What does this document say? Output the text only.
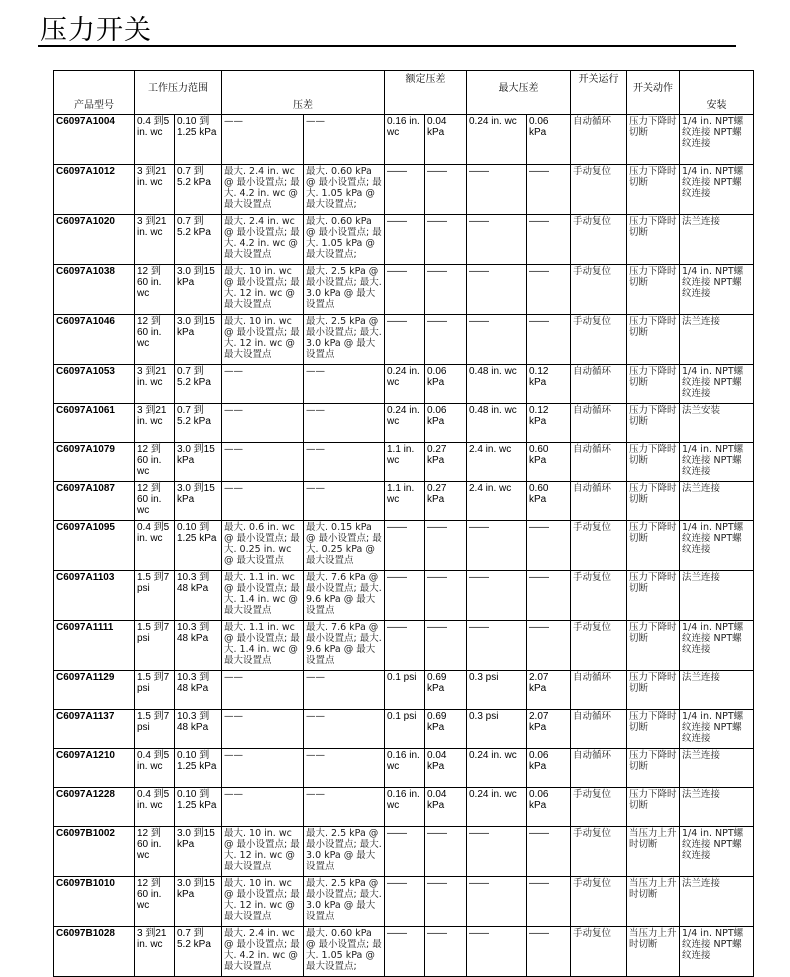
压力开关
产品型号	工作压力范围		压差		额定压差		最大压差		开关运行	开关动作	安装

C6097A1004	0.4 到5 in. wc	0.10 到 1.25 kPa	——	——	0.16 in. wc	0.04 kPa	0.24 in. wc	0.06 kPa	自动循环	压力下降时切断	1/4 in. NPT螺纹连接 NPT螺纹连接
C6097A1012	3 到21 in. wc	0.7 到 5.2 kPa	最大. 2.4 in. wc @ 最小设置点; 最大. 4.2 in. wc @ 最大设置点	最大. 0.60 kPa @ 最小设置点; 最大. 1.05 kPa @ 最大设置点;	——	——	——	——	手动复位	压力下降时切断	1/4 in. NPT螺纹连接 NPT螺纹连接
C6097A1020	3 到21 in. wc	0.7 到 5.2 kPa	最大. 2.4 in. wc @ 最小设置点; 最大. 4.2 in. wc @ 最大设置点	最大. 0.60 kPa @ 最小设置点; 最大. 1.05 kPa @ 最大设置点;	——	——	——	——	手动复位	压力下降时切断	法兰连接
C6097A1038	12 到60 in. wc	3.0 到15 kPa	最大. 10 in. wc @ 最小设置点; 最大. 12 in. wc @ 最大设置点	最大. 2.5 kPa @ 最小设置点; 最大. 3.0 kPa @ 最大设置点	——	——	——	——	手动复位	压力下降时切断	1/4 in. NPT螺纹连接 NPT螺纹连接
C6097A1046	12 到60 in. wc	3.0 到15 kPa	最大. 10 in. wc @ 最小设置点; 最大. 12 in. wc @ 最大设置点	最大. 2.5 kPa @ 最小设置点; 最大. 3.0 kPa @ 最大设置点	——	——	——	——	手动复位	压力下降时切断	法兰连接
C6097A1053	3 到21 in. wc	0.7 到 5.2 kPa	——	——	0.24 in. wc	0.06 kPa	0.48 in. wc	0.12 kPa	自动循环	压力下降时切断	1/4 in. NPT螺纹连接 NPT螺纹连接
C6097A1061	3 到21 in. wc	0.7 到 5.2 kPa	——	——	0.24 in. wc	0.06 kPa	0.48 in. wc	0.12 kPa	自动循环	压力下降时切断	法兰安装
C6097A1079	12 到60 in. wc	3.0 到15 kPa	——	——	1.1 in. wc	0.27 kPa	2.4 in. wc	0.60 kPa	自动循环	压力下降时切断	1/4 in. NPT螺纹连接 NPT螺纹连接
C6097A1087	12 到60 in. wc	3.0 到15 kPa	——	——	1.1 in. wc	0.27 kPa	2.4 in. wc	0.60 kPa	自动循环	压力下降时切断	法兰连接
C6097A1095	0.4 到5 in. wc	0.10 到 1.25 kPa	最大. 0.6 in. wc @ 最小设置点; 最大. 0.25 in. wc @ 最大设置点	最大. 0.15 kPa @ 最小设置点; 最大. 0.25 kPa @ 最大设置点	——	——	——	——	手动复位	压力下降时切断	1/4 in. NPT螺纹连接 NPT螺纹连接
C6097A1103	1.5 到7 psi	10.3 到 48 kPa	最大. 1.1 in. wc @ 最小设置点; 最大. 1.4 in. wc @ 最大设置点	最大. 7.6 kPa @ 最小设置点; 最大. 9.6 kPa @ 最大设置点	——	——	——	——	手动复位	压力下降时切断	法兰连接
C6097A1111	1.5 到7 psi	10.3 到 48 kPa	最大. 1.1 in. wc @ 最小设置点; 最大. 1.4 in. wc @ 最大设置点	最大. 7.6 kPa @ 最小设置点; 最大. 9.6 kPa @ 最大设置点	——	——	——	——	手动复位	压力下降时切断	1/4 in. NPT螺纹连接 NPT螺纹连接
C6097A1129	1.5 到7 psi	10.3 到 48 kPa	——	——	0.1 psi	0.69 kPa	0.3 psi	2.07 kPa	自动循环	压力下降时切断	法兰连接
C6097A1137	1.5 到7 psi	10.3 到 48 kPa	——	——	0.1 psi	0.69 kPa	0.3 psi	2.07 kPa	自动循环	压力下降时切断	1/4 in. NPT螺纹连接 NPT螺纹连接
C6097A1210	0.4 到5 in. wc	0.10 到 1.25 kPa	——	——	0.16 in. wc	0.04 kPa	0.24 in. wc	0.06 kPa	自动循环	压力下降时切断	法兰连接
C6097A1228	0.4 到5 in. wc	0.10 到 1.25 kPa	——	——	0.16 in. wc	0.04 kPa	0.24 in. wc	0.06 kPa	手动复位	压力下降时切断	法兰连接
C6097B1002	12 到60 in. wc	3.0 到15 kPa	最大. 10 in. wc @ 最小设置点; 最大. 12 in. wc @ 最大设置点	最大. 2.5 kPa @ 最小设置点; 最大. 3.0 kPa @ 最大设置点	——	——	——	——	手动复位	当压力上升时切断	1/4 in. NPT螺纹连接 NPT螺纹连接
C6097B1010	12 到60 in. wc	3.0 到15 kPa	最大. 10 in. wc @ 最小设置点; 最大. 12 in. wc @ 最大设置点	最大. 2.5 kPa @ 最小设置点; 最大. 3.0 kPa @ 最大设置点	——	——	——	——	手动复位	当压力上升时切断	法兰连接
C6097B1028	3 到21 in. wc	0.7 到 5.2 kPa	最大. 2.4 in. wc @ 最小设置点; 最大. 4.2 in. wc @ 最大设置点	最大. 0.60 kPa @ 最小设置点; 最大. 1.05 kPa @ 最大设置点;	——	——	——	——	手动复位	当压力上升时切断	1/4 in. NPT螺纹连接 NPT螺纹连接
